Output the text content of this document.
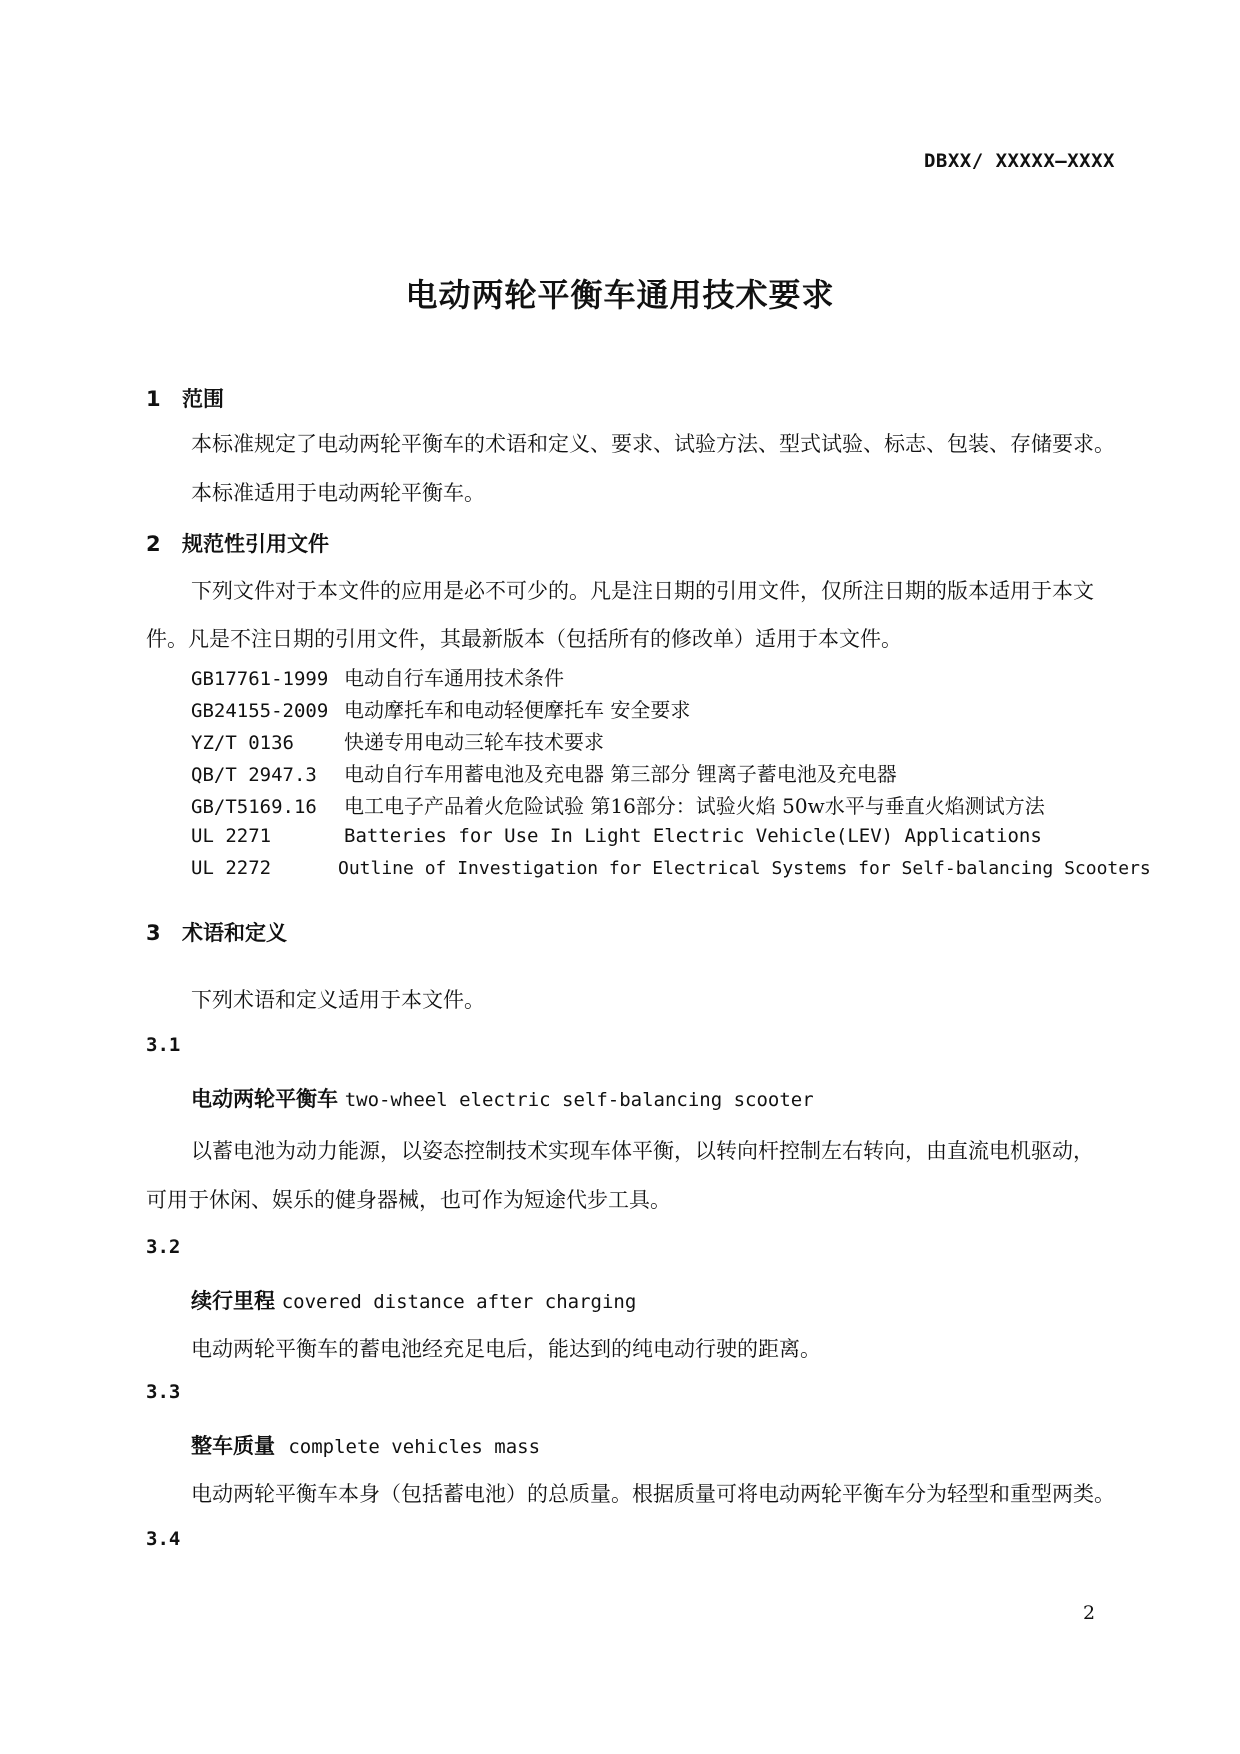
DBXX/ XXXXX—XXXX
电动两轮平衡车通用技术要求
1 范围
本标准规定了电动两轮平衡车的术语和定义、要求、试验方法、型式试验、标志、包装、存储要求。
本标准适用于电动两轮平衡车。
2 规范性引用文件
下列文件对于本文件的应用是必不可少的。凡是注日期的引用文件，仅所注日期的版本适用于本文
件。凡是不注日期的引用文件，其最新版本（包括所有的修改单）适用于本文件。
GB17761-1999 电动自行车通用技术条件
GB24155-2009 电动摩托车和电动轻便摩托车 安全要求
YZ/T 0136	快递专用电动三轮车技术要求
QB/T 2947.3 电动自行车用蓄电池及充电器 第三部分 锂离子蓄电池及充电器
GB/T5169.16 电工电子产品着火危险试验 第16部分：试验火焰 50w水平与垂直火焰测试方法
UL 2271	Batteries for Use In Light Electric Vehicle(LEV) Applications
UL 2272	Outline of Investigation for Electrical Systems for Self-balancing Scooters
3 术语和定义
下列术语和定义适用于本文件。
3.1
电动两轮平衡车 two-wheel electric self-balancing scooter
以蓄电池为动力能源，以姿态控制技术实现车体平衡，以转向杆控制左右转向，由直流电机驱动，
可用于休闲、娱乐的健身器械，也可作为短途代步工具。
3.2
续行里程 covered distance after charging
电动两轮平衡车的蓄电池经充足电后，能达到的纯电动行驶的距离。
3.3
整车质量 complete vehicles mass
电动两轮平衡车本身（包括蓄电池）的总质量。根据质量可将电动两轮平衡车分为轻型和重型两类。
3.4
2
